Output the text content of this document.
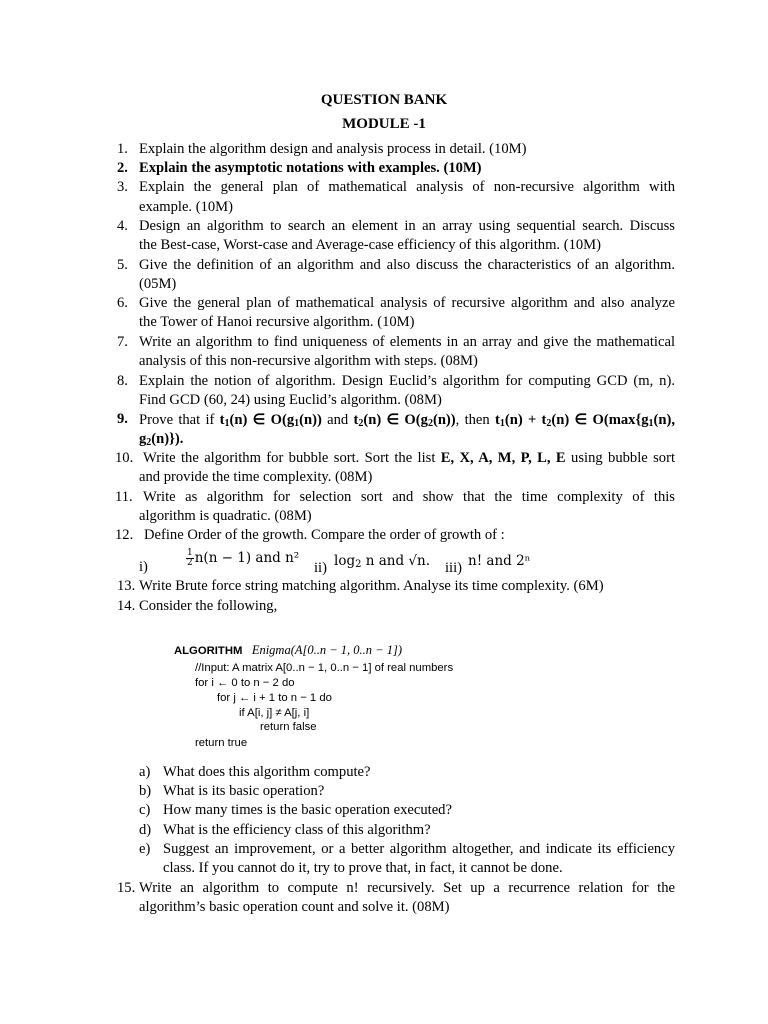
QUESTION BANK
MODULE -1
1. Explain the algorithm design and analysis process in detail. (10M)
2. Explain the asymptotic notations with examples. (10M)
3. Explain the general plan of mathematical analysis of non-recursive algorithm with
example. (10M)
4. Design an algorithm to search an element in an array using sequential search. Discuss
the Best-case, Worst-case and Average-case efficiency of this algorithm. (10M)
5. Give the definition of an algorithm and also discuss the characteristics of an algorithm.
(05M)
6. Give the general plan of mathematical analysis of recursive algorithm and also analyze
the Tower of Hanoi recursive algorithm. (10M)
7. Write an algorithm to find uniqueness of elements in an array and give the mathematical
analysis of this non-recursive algorithm with steps. (08M)
8. Explain the notion of algorithm. Design Euclid’s algorithm for computing GCD (m, n).
Find GCD (60, 24) using Euclid’s algorithm. (08M)
9. Prove that if $t_1(n)$ ∈ $O(g_1(n))$ and $t_2(n)$ ∈ $O(g_2(n))$, then $t_1(n) + t_2(n)$ ∈ $O(\max\{g_1(n)$,
$g_2(n)$}).
10. Write the algorithm for bubble sort. Sort the list E, X, A, M, P, L, E using bubble sort
and provide the time complexity. (08M)
11. Write as algorithm for selection sort and show that the time complexity of this
algorithm is quadratic. (08M)
12. Define Order of the growth. Compare the order of growth of :
i)	$\frac{1}{2} n(n - 1)$ and n²
ii) $\log_2 n$ and √n. iii) n! and 2ⁿ
13. Write Brute force string matching algorithm. Analyse its time complexity. (6M)
14. Consider the following,
ALGORITHM Enigma(A[0..n − 1, 0..n − 1])
//Input: A matrix A[0..n − 1, 0..n − 1] of real numbers
for i ← 0 to n − 2 do
for j ← i + 1 to n − 1 do
if A[i, j] ≠ A[j, i]
return false
return true
a) What does this algorithm compute?
b) What is its basic operation?
c) How many times is the basic operation executed?
d) What is the efficiency class of this algorithm?
e) Suggest an improvement, or a better algorithm altogether, and indicate its efficiency
class. If you cannot do it, try to prove that, in fact, it cannot be done.
15. Write an algorithm to compute n! recursively. Set up a recurrence relation for the
algorithm’s basic operation count and solve it. (08M)
